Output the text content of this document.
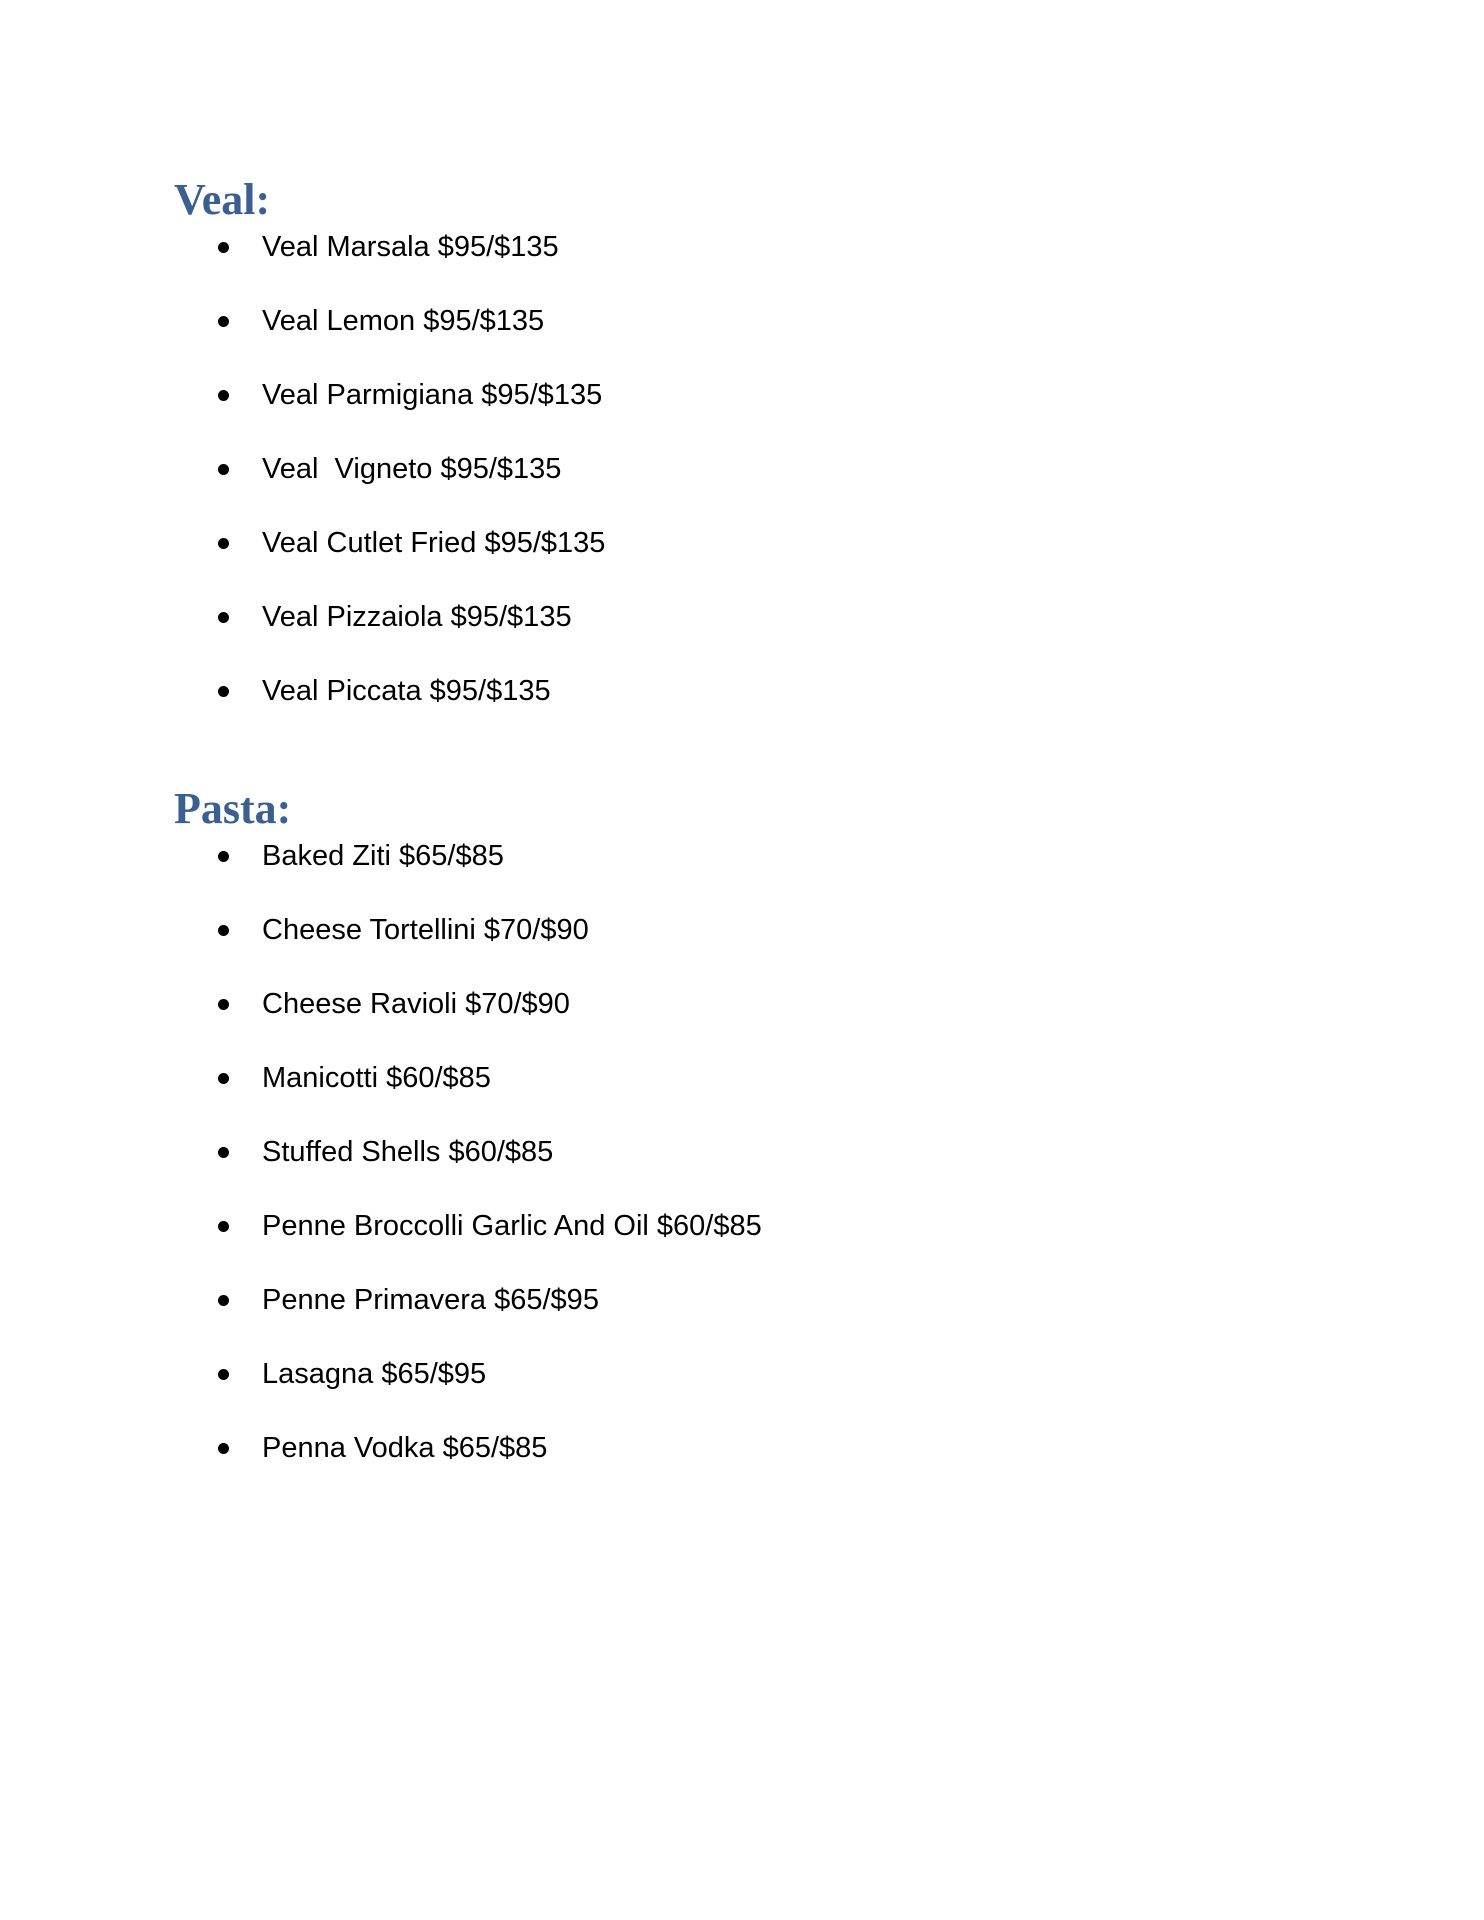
Veal:
Veal Marsala $95/$135
Veal Lemon $95/$135
Veal Parmigiana $95/$135
Veal  Vigneto $95/$135
Veal Cutlet Fried $95/$135
Veal Pizzaiola $95/$135
Veal Piccata $95/$135
Pasta:
Baked Ziti $65/$85
Cheese Tortellini $70/$90
Cheese Ravioli $70/$90
Manicotti $60/$85
Stuffed Shells $60/$85
Penne Broccolli Garlic And Oil $60/$85
Penne Primavera $65/$95
Lasagna $65/$95
Penna Vodka $65/$85
